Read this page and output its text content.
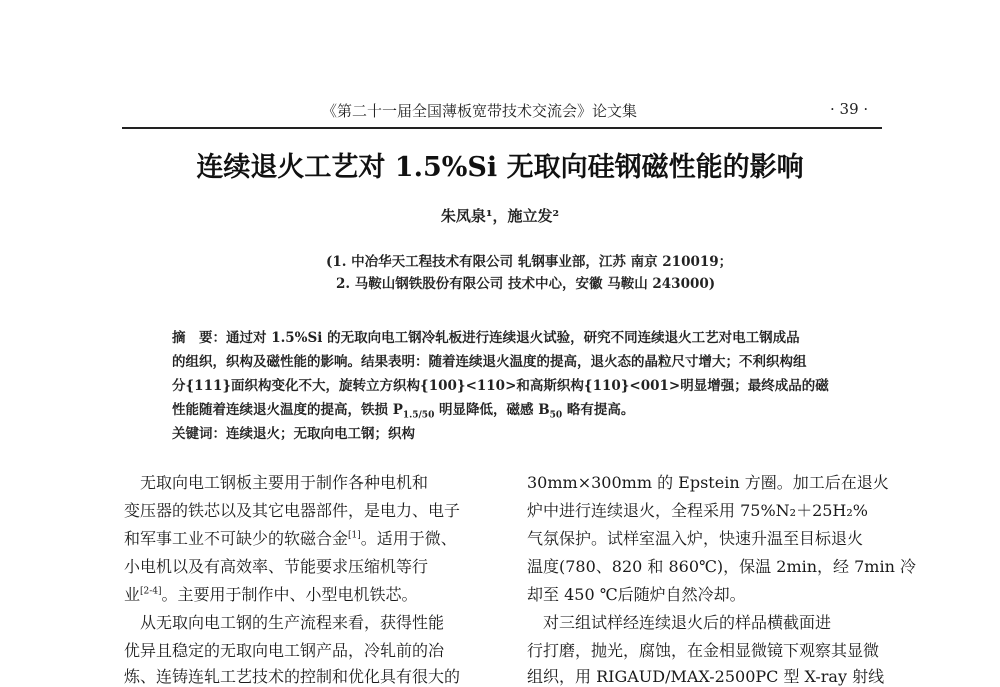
《第二十一届全国薄板宽带技术交流会》论文集	· 39 ·
连续退火工艺对 1.5%Si 无取向硅钢磁性能的影响
朱凤泉¹，施立发²
(1. 中冶华天工程技术有限公司 轧钢事业部，江苏 南京 210019；
2. 马鞍山钢铁股份有限公司 技术中心，安徽 马鞍山 243000)
摘　要：通过对 1.5%Si 的无取向电工钢冷轧板进行连续退火试验，研究不同连续退火工艺对电工钢成品
的组织，织构及磁性能的影响。结果表明：随着连续退火温度的提高，退火态的晶粒尺寸增大；不利织构组
分{111}面织构变化不大，旋转立方织构{100}<110>和高斯织构{110}<001>明显增强；最终成品的磁
性能随着连续退火温度的提高，铁损 $P_{1.5/50}$ 明显降低，磁感 $B_{50}$ 略有提高。
关键词：连续退火；无取向电工钢；织构
　无取向电工钢板主要用于制作各种电机和
变压器的铁芯以及其它电器部件，是电力、电子
和军事工业不可缺少的软磁合金[1]。适用于微、
小电机以及有高效率、节能要求压缩机等行
业[2-4]。主要用于制作中、小型电机铁芯。
　从无取向电工钢的生产流程来看，获得性能
优异且稳定的无取向电工钢产品，冷轧前的冶
炼、连铸连轧工艺技术的控制和优化具有很大的
30mm×300mm 的 Epstein 方圈。加工后在退火
炉中进行连续退火，全程采用 75%N₂＋25H₂%
气氛保护。试样室温入炉，快速升温至目标退火
温度(780、820 和 860℃)，保温 2min，经 7min 冷
却至 450 ℃后随炉自然冷却。
　对三组试样经连续退火后的样品横截面进
行打磨，抛光，腐蚀，在金相显微镜下观察其显微
组织，用 RIGAUD/MAX-2500PC 型 X-ray 射线
